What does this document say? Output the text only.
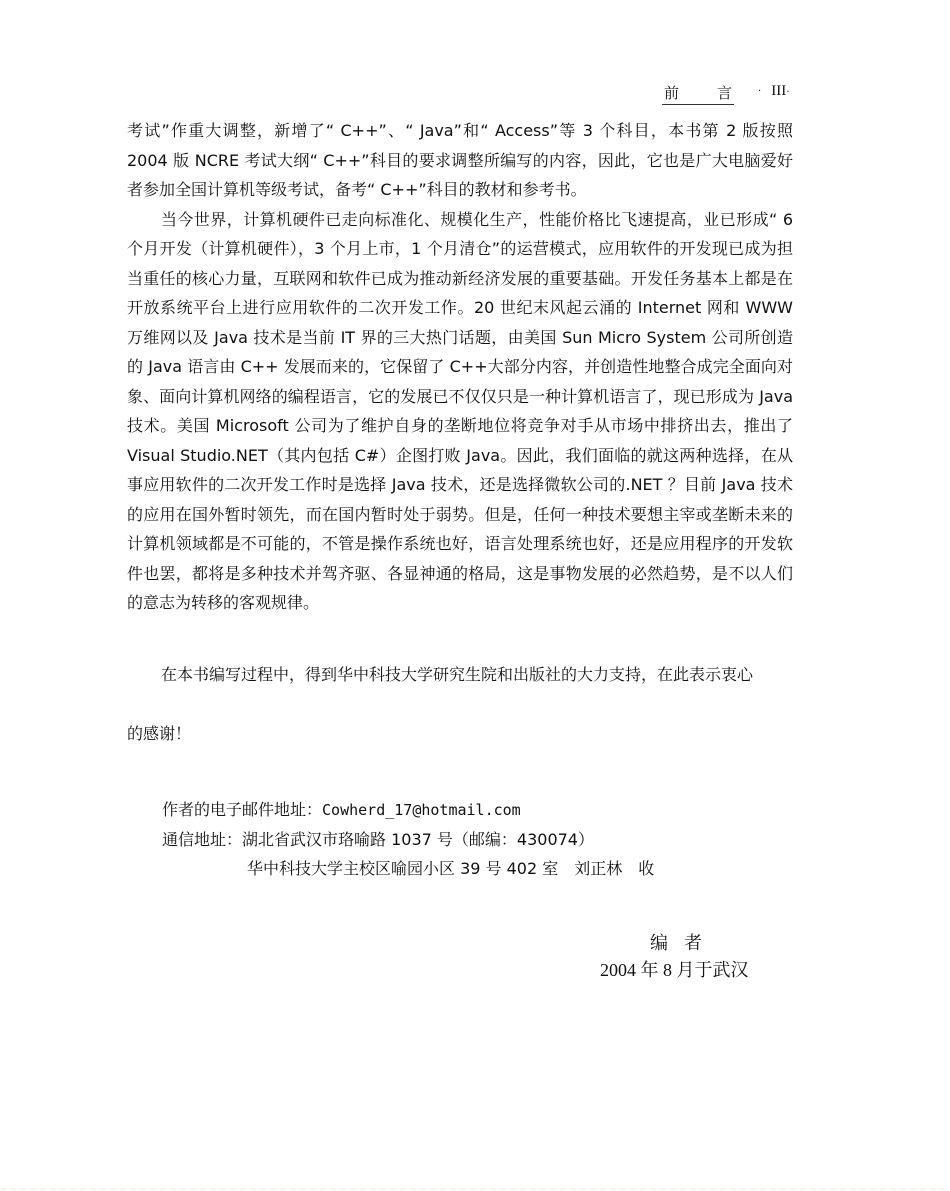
前	言	· III ·

考试”作重大调整，新增了“ C++”、“ Java”和“ Access”等 3 个科目，本书第 2 版按照 2004 版 NCRE 考试大纲“ C++”科目的要求调整所编写的内容，因此，它也是广大电脑爱好者参加全国计算机等级考试，备考“ C++”科目的教材和参考书。

当今世界，计算机硬件已走向标准化、规模化生产，性能价格比飞速提高，业已形成“ 6 个月开发（计算机硬件），3 个月上市，1 个月清仓”的运营模式，应用软件的开发现已成为担当重任的核心力量，互联网和软件已成为推动新经济发展的重要基础。开发任务基本上都是在开放系统平台上进行应用软件的二次开发工作。20 世纪末风起云涌的 Internet 网和 WWW 万维网以及 Java 技术是当前 IT 界的三大热门话题，由美国 Sun Micro System 公司所创造的 Java 语言由 C++ 发展而来的，它保留了 C++大部分内容，并创造性地整合成完全面向对象、面向计算机网络的编程语言，它的发展已不仅仅只是一种计算机语言了，现已形成为 Java 技术。美国 Microsoft 公司为了维护自身的垄断地位将竞争对手从市场中排挤出去，推出了 Visual Studio.NET（其内包括 C#）企图打败 Java。因此，我们面临的就这两种选择，在从事应用软件的二次开发工作时是选择 Java 技术，还是选择微软公司的.NET ？目前 Java 技术的应用在国外暂时领先，而在国内暂时处于弱势。但是，任何一种技术要想主宰或垄断未来的计算机领域都是不可能的，不管是操作系统也好，语言处理系统也好，还是应用程序的开发软件也罢，都将是多种技术并驾齐驱、各显神通的格局，这是事物发展的必然趋势，是不以人们的意志为转移的客观规律。

在本书编写过程中，得到华中科技大学研究生院和出版社的大力支持，在此表示衷心

的感谢！

作者的电子邮件地址：Cowherd_17@hotmail.com
通信地址：湖北省武汉市珞喻路 1037 号（邮编：430074）
华中科技大学主校区喻园小区 39 号 402 室　刘正林　收
编者
2004 年 8 月于武汉
